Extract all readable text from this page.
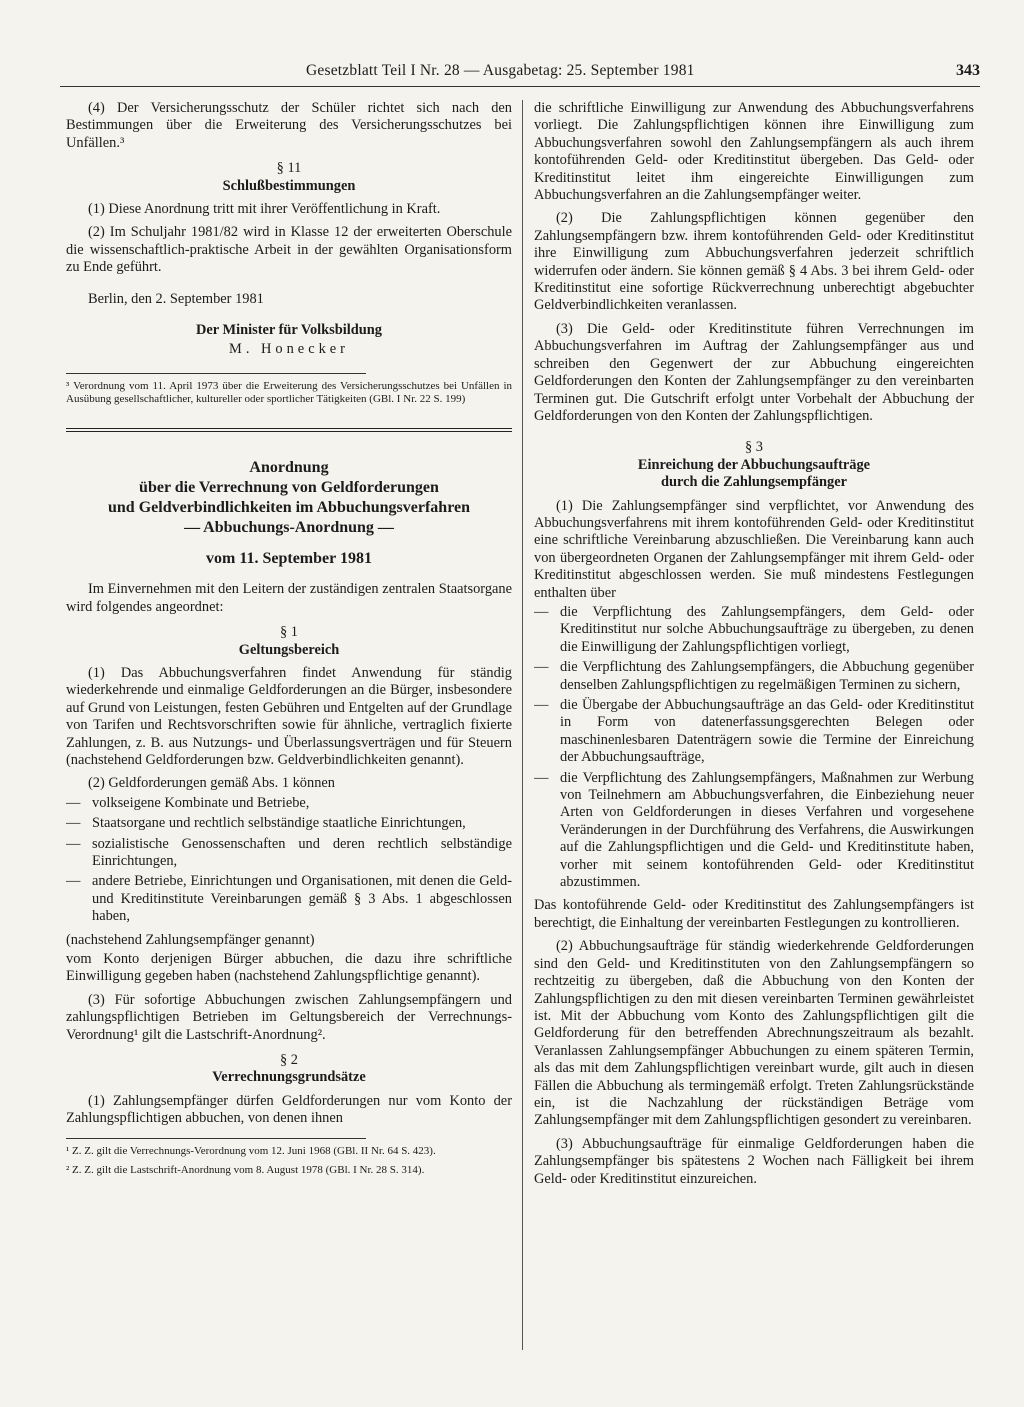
Gesetzblatt Teil I Nr. 28 — Ausgabetag: 25. September 1981	343

(4) Der Versicherungsschutz der Schüler richtet sich nach den Bestimmungen über die Erweiterung des Versicherungsschutzes bei Unfällen.³

§ 11
Schlußbestimmungen

(1) Diese Anordnung tritt mit ihrer Veröffentlichung in Kraft.

(2) Im Schuljahr 1981/82 wird in Klasse 12 der erweiterten Oberschule die wissenschaftlich-praktische Arbeit in der gewählten Organisationsform zu Ende geführt.

Berlin, den 2. September 1981

Der Minister für Volksbildung
M. Honecker

³ Verordnung vom 11. April 1973 über die Erweiterung des Versicherungsschutzes bei Unfällen in Ausübung gesellschaftlicher, kultureller oder sportlicher Tätigkeiten (GBl. I Nr. 22 S. 199)

Anordnung
über die Verrechnung von Geldforderungen
und Geldverbindlichkeiten im Abbuchungsverfahren
— Abbuchungs-Anordnung —
vom 11. September 1981

Im Einvernehmen mit den Leitern der zuständigen zentralen Staatsorgane wird folgendes angeordnet:

§ 1
Geltungsbereich

(1) Das Abbuchungsverfahren findet Anwendung für ständig wiederkehrende und einmalige Geldforderungen an die Bürger, insbesondere auf Grund von Leistungen, festen Gebühren und Entgelten auf der Grundlage von Tarifen und Rechtsvorschriften sowie für ähnliche, vertraglich fixierte Zahlungen, z. B. aus Nutzungs- und Überlassungsverträgen und für Steuern (nachstehend Geldforderungen bzw. Geldverbindlichkeiten genannt).

(2) Geldforderungen gemäß Abs. 1 können

— volkseigene Kombinate und Betriebe,
— Staatsorgane und rechtlich selbständige staatliche Einrichtungen,
— sozialistische Genossenschaften und deren rechtlich selbständige Einrichtungen,
— andere Betriebe, Einrichtungen und Organisationen, mit denen die Geld- und Kreditinstitute Vereinbarungen gemäß § 3 Abs. 1 abgeschlossen haben,

(nachstehend Zahlungsempfänger genannt)

vom Konto derjenigen Bürger abbuchen, die dazu ihre schriftliche Einwilligung gegeben haben (nachstehend Zahlungspflichtige genannt).

(3) Für sofortige Abbuchungen zwischen Zahlungsempfängern und zahlungspflichtigen Betrieben im Geltungsbereich der Verrechnungs-Verordnung¹ gilt die Lastschrift-Anordnung².

§ 2
Verrechnungsgrundsätze

(1) Zahlungsempfänger dürfen Geldforderungen nur vom Konto der Zahlungspflichtigen abbuchen, von denen ihnen

¹ Z. Z. gilt die Verrechnungs-Verordnung vom 12. Juni 1968 (GBl. II Nr. 64 S. 423).

² Z. Z. gilt die Lastschrift-Anordnung vom 8. August 1978 (GBl. I Nr. 28 S. 314).

die schriftliche Einwilligung zur Anwendung des Abbuchungsverfahrens vorliegt. Die Zahlungspflichtigen können ihre Einwilligung zum Abbuchungsverfahren sowohl den Zahlungsempfängern als auch ihrem kontoführenden Geld- oder Kreditinstitut übergeben. Das Geld- oder Kreditinstitut leitet ihm eingereichte Einwilligungen zum Abbuchungsverfahren an die Zahlungsempfänger weiter.

(2) Die Zahlungspflichtigen können gegenüber den Zahlungsempfängern bzw. ihrem kontoführenden Geld- oder Kreditinstitut ihre Einwilligung zum Abbuchungsverfahren jederzeit schriftlich widerrufen oder ändern. Sie können gemäß § 4 Abs. 3 bei ihrem Geld- oder Kreditinstitut eine sofortige Rückverrechnung unberechtigt abgebuchter Geldverbindlichkeiten veranlassen.

(3) Die Geld- oder Kreditinstitute führen Verrechnungen im Abbuchungsverfahren im Auftrag der Zahlungsempfänger aus und schreiben den Gegenwert der zur Abbuchung eingereichten Geldforderungen den Konten der Zahlungsempfänger zu den vereinbarten Terminen gut. Die Gutschrift erfolgt unter Vorbehalt der Abbuchung der Geldforderungen von den Konten der Zahlungspflichtigen.

§ 3
Einreichung der Abbuchungsaufträge
durch die Zahlungsempfänger

(1) Die Zahlungsempfänger sind verpflichtet, vor Anwendung des Abbuchungsverfahrens mit ihrem kontoführenden Geld- oder Kreditinstitut eine schriftliche Vereinbarung abzuschließen. Die Vereinbarung kann auch von übergeordneten Organen der Zahlungsempfänger mit ihrem Geld- oder Kreditinstitut abgeschlossen werden. Sie muß mindestens Festlegungen enthalten über

— die Verpflichtung des Zahlungsempfängers, dem Geld- oder Kreditinstitut nur solche Abbuchungsaufträge zu übergeben, zu denen die Einwilligung der Zahlungspflichtigen vorliegt,
— die Verpflichtung des Zahlungsempfängers, die Abbuchung gegenüber denselben Zahlungspflichtigen zu regelmäßigen Terminen zu sichern,
— die Übergabe der Abbuchungsaufträge an das Geld- oder Kreditinstitut in Form von datenerfassungsgerechten Belegen oder maschinenlesbaren Datenträgern sowie die Termine der Einreichung der Abbuchungsaufträge,
— die Verpflichtung des Zahlungsempfängers, Maßnahmen zur Werbung von Teilnehmern am Abbuchungsverfahren, die Einbeziehung neuer Arten von Geldforderungen in dieses Verfahren und vorgesehene Veränderungen in der Durchführung des Verfahrens, die Auswirkungen auf die Zahlungspflichtigen und die Geld- und Kreditinstitute haben, vorher mit seinem kontoführenden Geld- oder Kreditinstitut abzustimmen.

Das kontoführende Geld- oder Kreditinstitut des Zahlungsempfängers ist berechtigt, die Einhaltung der vereinbarten Festlegungen zu kontrollieren.

(2) Abbuchungsaufträge für ständig wiederkehrende Geldforderungen sind den Geld- und Kreditinstituten von den Zahlungsempfängern so rechtzeitig zu übergeben, daß die Abbuchung von den Konten der Zahlungspflichtigen zu den mit diesen vereinbarten Terminen gewährleistet ist. Mit der Abbuchung vom Konto des Zahlungspflichtigen gilt die Geldforderung für den betreffenden Abrechnungszeitraum als bezahlt. Veranlassen Zahlungsempfänger Abbuchungen zu einem späteren Termin, als das mit dem Zahlungspflichtigen vereinbart wurde, gilt auch in diesen Fällen die Abbuchung als termingemäß erfolgt. Treten Zahlungsrückstände ein, ist die Nachzahlung der rückständigen Beträge vom Zahlungsempfänger mit dem Zahlungspflichtigen gesondert zu vereinbaren.

(3) Abbuchungsaufträge für einmalige Geldforderungen haben die Zahlungsempfänger bis spätestens 2 Wochen nach Fälligkeit bei ihrem Geld- oder Kreditinstitut einzureichen.
